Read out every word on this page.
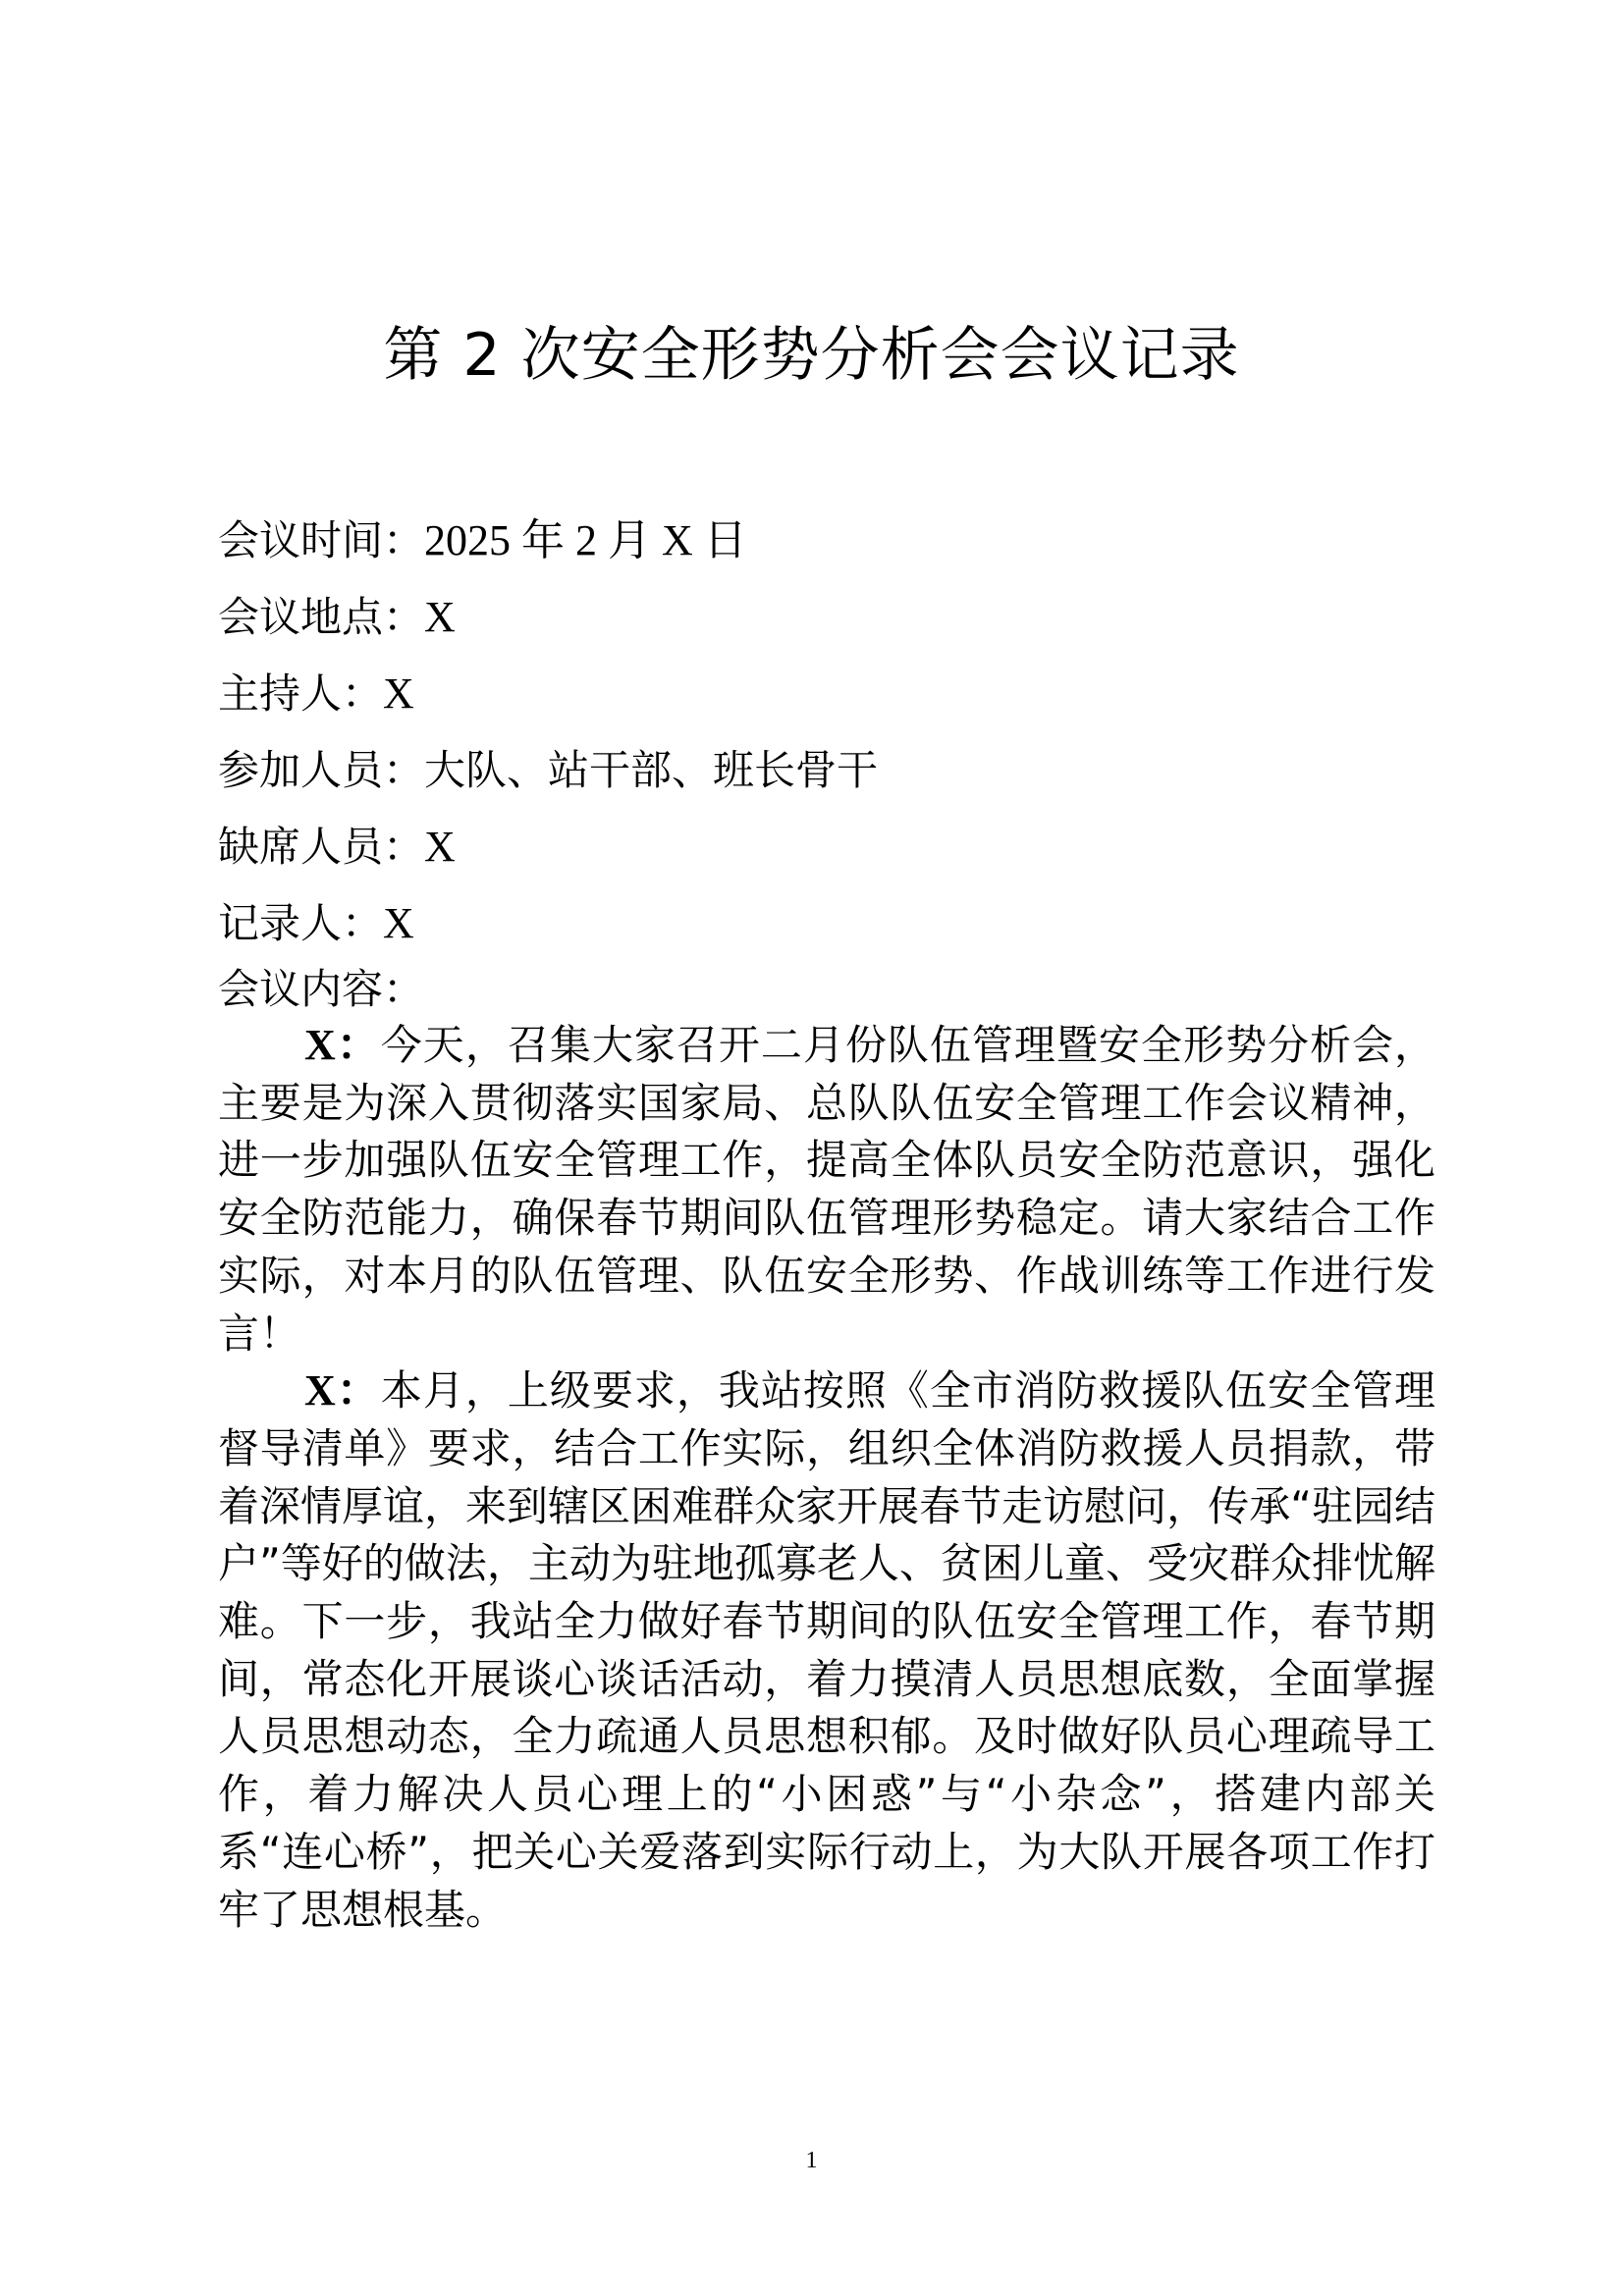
第 2 次安全形势分析会会议记录
会议时间：2025 年 2 月 X 日
会议地点：X
主持人：X
参加人员：大队、站干部、班长骨干
缺席人员：X
记录人：X
会议内容：

X：今天，召集大家召开二月份队伍管理暨安全形势分析会，主要是为深入贯彻落实国家局、总队队伍安全管理工作会议精神，进一步加强队伍安全管理工作，提高全体队员安全防范意识，强化安全防范能力，确保春节期间队伍管理形势稳定。请大家结合工作实际，对本月的队伍管理、队伍安全形势、作战训练等工作进行发言！

X：本月，上级要求，我站按照《全市消防救援队伍安全管理督导清单》要求，结合工作实际，组织全体消防救援人员捐款，带着深情厚谊，来到辖区困难群众家开展春节走访慰问，传承“驻园结户”等好的做法，主动为驻地孤寡老人、贫困儿童、受灾群众排忧解难。下一步，我站全力做好春节期间的队伍安全管理工作，春节期间，常态化开展谈心谈话活动，着力摸清人员思想底数，全面掌握人员思想动态，全力疏通人员思想积郁。及时做好队员心理疏导工作，着力解决人员心理上的“小困惑”与“小杂念”，搭建内部关系“连心桥”，把关心关爱落到实际行动上，为大队开展各项工作打牢了思想根基。

1
